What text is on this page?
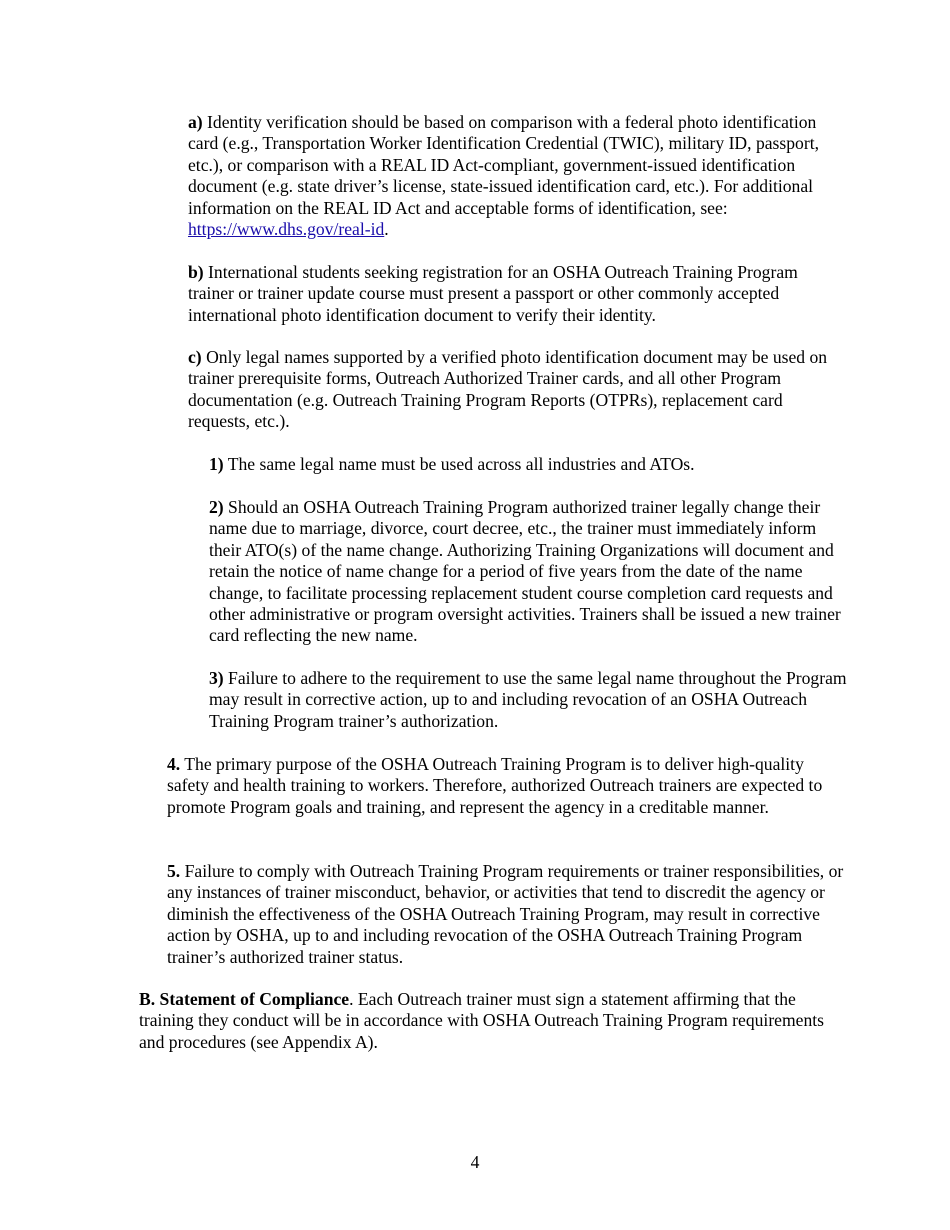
a) Identity verification should be based on comparison with a federal photo identification card (e.g., Transportation Worker Identification Credential (TWIC), military ID, passport, etc.), or comparison with a REAL ID Act-compliant, government-issued identification document (e.g. state driver’s license, state-issued identification card, etc.). For additional information on the REAL ID Act and acceptable forms of identification, see: https://www.dhs.gov/real-id.

b) International students seeking registration for an OSHA Outreach Training Program trainer or trainer update course must present a passport or other commonly accepted international photo identification document to verify their identity.

c) Only legal names supported by a verified photo identification document may be used on trainer prerequisite forms, Outreach Authorized Trainer cards, and all other Program documentation (e.g. Outreach Training Program Reports (OTPRs), replacement card requests, etc.).

1) The same legal name must be used across all industries and ATOs.

2) Should an OSHA Outreach Training Program authorized trainer legally change their name due to marriage, divorce, court decree, etc., the trainer must immediately inform their ATO(s) of the name change. Authorizing Training Organizations will document and retain the notice of name change for a period of five years from the date of the name change, to facilitate processing replacement student course completion card requests and other administrative or program oversight activities. Trainers shall be issued a new trainer card reflecting the new name.

3) Failure to adhere to the requirement to use the same legal name throughout the Program may result in corrective action, up to and including revocation of an OSHA Outreach Training Program trainer’s authorization.

4. The primary purpose of the OSHA Outreach Training Program is to deliver high-quality safety and health training to workers. Therefore, authorized Outreach trainers are expected to promote Program goals and training, and represent the agency in a creditable manner.

5. Failure to comply with Outreach Training Program requirements or trainer responsibilities, or any instances of trainer misconduct, behavior, or activities that tend to discredit the agency or diminish the effectiveness of the OSHA Outreach Training Program, may result in corrective action by OSHA, up to and including revocation of the OSHA Outreach Training Program trainer’s authorized trainer status.

B. Statement of Compliance. Each Outreach trainer must sign a statement affirming that the training they conduct will be in accordance with OSHA Outreach Training Program requirements and procedures (see Appendix A).

4
